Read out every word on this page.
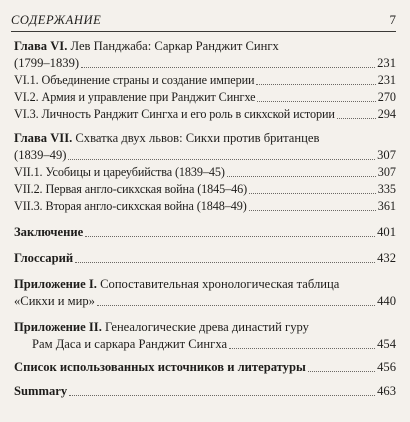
СОДЕРЖАНИЕ	7
Глава VI. Лев Панджаба: Саркар Ранджит Сингх
(1799–1839)	231
VI.1. Объединение страны и создание империи	231
VI.2. Армия и управление при Ранджит Сингхе	270
VI.3. Личность Ранджит Сингха и его роль в сикхской истории	294
Глава VII. Схватка двух львов: Сикхи против британцев
(1839–49)	307
VII.1. Усобицы и цареубийства (1839–45)	307
VII.2. Первая англо-сикхская война (1845–46)	335
VII.3. Вторая англо-сикхская война (1848–49)	361
Заключение	401
Глоссарий	432
Приложение I. Сопоставительная хронологическая таблица
«Сикхи и мир»	440
Приложение II. Генеалогические древа династий гуру
Рам Даса и саркара Ранджит Сингха	454
Список использованных источников и литературы	456
Summary	463
